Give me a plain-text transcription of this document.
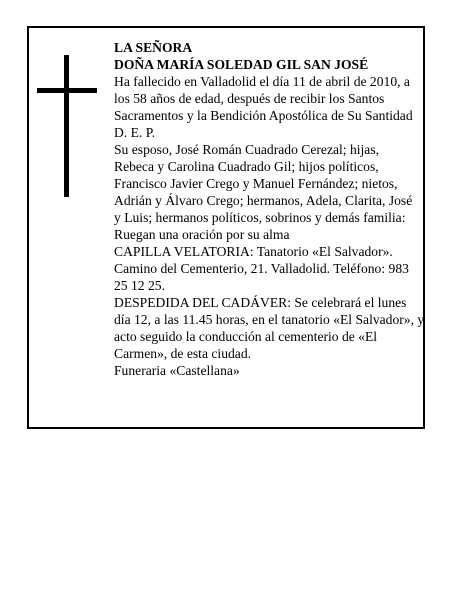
LA SEÑORA
DOÑA MARÍA SOLEDAD GIL SAN JOSÉ
Ha fallecido en Valladolid el día 11 de abril de 2010, a
los 58 años de edad, después de recibir los Santos
Sacramentos y la Bendición Apostólica de Su Santidad
D. E. P.
Su esposo, José Román Cuadrado Cerezal; hijas,
Rebeca y Carolina Cuadrado Gil; hijos políticos,
Francisco Javier Crego y Manuel Fernández; nietos,
Adrián y Álvaro Crego; hermanos, Adela, Clarita, José
y Luis; hermanos políticos, sobrinos y demás familia:
Ruegan una oración por su alma
CAPILLA VELATORIA: Tanatorio «El Salvador».
Camino del Cementerio, 21. Valladolid. Teléfono: 983
25 12 25.
DESPEDIDA DEL CADÁVER: Se celebrará el lunes
día 12, a las 11.45 horas, en el tanatorio «El Salvador», y
acto seguido la conducción al cementerio de «El
Carmen», de esta ciudad.
Funeraria «Castellana»
